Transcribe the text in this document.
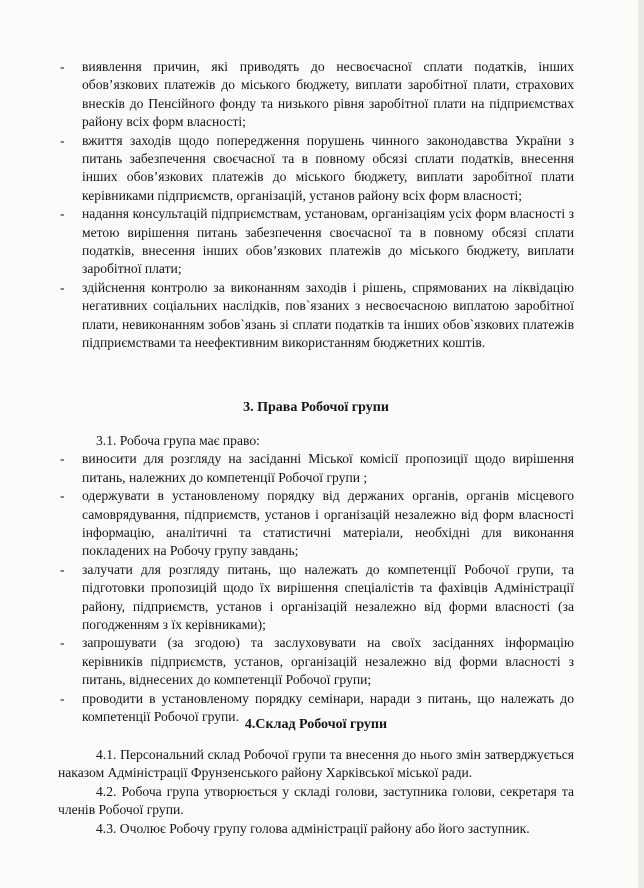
- виявлення причин, які приводять до несвоєчасної сплати податків, інших обов’язкових платежів до міського бюджету, виплати заробітної плати, страхових внесків до Пенсійного фонду та низького рівня заробітної плати на підприємствах району всіх форм власності;
- вжиття заходів щодо попередження порушень чинного законодавства України з питань забезпечення своєчасної та в повному обсязі сплати податків, внесення інших обов’язкових платежів до міського бюджету, виплати заробітної плати керівниками підприємств, організацій, установ району всіх форм власності;
- надання консультацій підприємствам, установам, організаціям усіх форм власності з метою вирішення питань забезпечення своєчасної та в повному обсязі сплати податків, внесення інших обов’язкових платежів до міського бюджету, виплати заробітної плати;
- здійснення контролю за виконанням заходів і рішень, спрямованих на ліквідацію негативних соціальних наслідків, пов`язаних з несвоєчасною виплатою заробітної плати, невиконанням зобов`язань зі сплати податків та інших обов`язкових платежів підприємствами та неефективним використанням бюджетних коштів.
3. Права Робочої групи
3.1. Робоча група має право:
- виносити для розгляду на засіданні Міської комісії пропозиції щодо вирішення питань, належних до компетенції Робочої групи ;
- одержувати в установленому порядку від держаних органів, органів місцевого самоврядування, підприємств, установ і організацій незалежно від форм власності інформацію, аналітичні та статистичні матеріали, необхідні для виконання покладених на Робочу групу завдань;
- залучати для розгляду питань, що належать до компетенції Робочої групи, та підготовки пропозицій щодо їх вирішення спеціалістів та фахівців Адміністрації району, підприємств, установ і організацій незалежно від форми власності (за погодженням з їх керівниками);
- запрошувати (за згодою) та заслуховувати на своїх засіданнях інформацію керівників підприємств, установ, організацій незалежно від форми власності з питань, віднесених до компетенції Робочої групи;
- проводити в установленому порядку семінари, наради з питань, що належать до компетенції Робочої групи.
4.Склад Робочої групи
4.1. Персональний склад Робочої групи та внесення до нього змін затверджується наказом Адміністрації Фрунзенського району Харківської міської ради.
4.2. Робоча група утворюється у складі голови, заступника голови, секретаря та членів Робочої групи.
4.3. Очолює Робочу групу голова адміністрації району або його заступник.
